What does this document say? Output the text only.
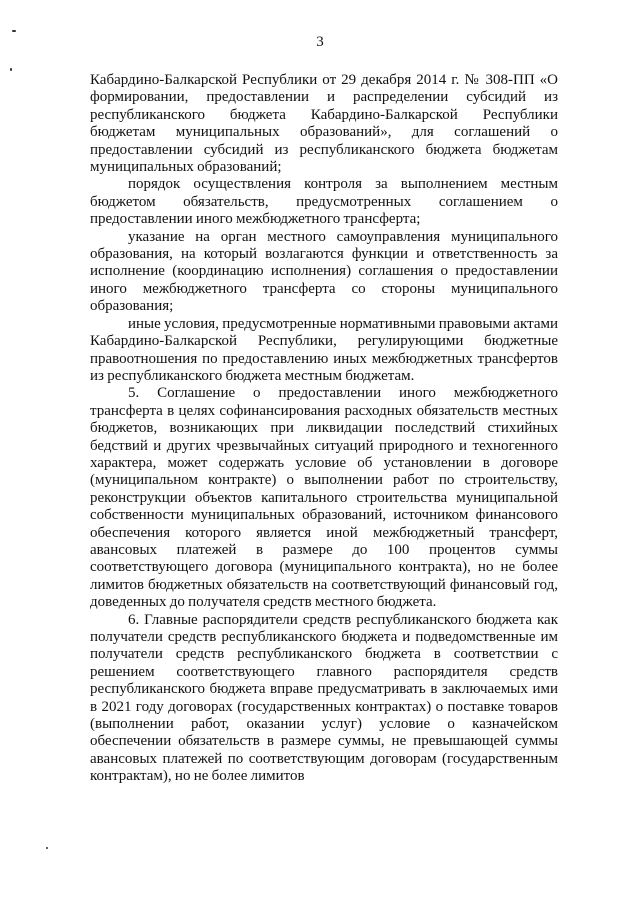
3

Кабардино-Балкарской Республики от 29 декабря 2014 г. № 308-ПП «О формировании, предоставлении и распределении субсидий из республиканского бюджета Кабардино-Балкарской Республики бюджетам муниципальных образований», для соглашений о предоставлении субсидий из республиканского бюджета бюджетам муниципальных образований;

порядок осуществления контроля за выполнением местным бюджетом обязательств, предусмотренных соглашением о предоставлении иного межбюджетного трансферта;

указание на орган местного самоуправления муниципального образования, на который возлагаются функции и ответственность за исполнение (координацию исполнения) соглашения о предоставлении иного межбюджетного трансферта со стороны муниципального образования;

иные условия, предусмотренные нормативными правовыми актами Кабардино-Балкарской Республики, регулирующими бюджетные правоотношения по предоставлению иных межбюджетных трансфертов из республиканского бюджета местным бюджетам.

5. Соглашение о предоставлении иного межбюджетного трансферта в целях софинансирования расходных обязательств местных бюджетов, возникающих при ликвидации последствий стихийных бедствий и других чрезвычайных ситуаций природного и техногенного характера, может содержать условие об установлении в договоре (муниципальном контракте) о выполнении работ по строительству, реконструкции объектов капитального строительства муниципальной собственности муниципальных образований, источником финансового обеспечения которого является иной межбюджетный трансферт, авансовых платежей в размере до 100 процентов суммы соответствующего договора (муниципального контракта), но не более лимитов бюджетных обязательств на соответствующий финансовый год, доведенных до получателя средств местного бюджета.

6. Главные распорядители средств республиканского бюджета как получатели средств республиканского бюджета и подведомственные им получатели средств республиканского бюджета в соответствии с решением соответствующего главного распорядителя средств республиканского бюджета вправе предусматривать в заключаемых ими в 2021 году договорах (государственных контрактах) о поставке товаров (выполнении работ, оказании услуг) условие о казначейском обеспечении обязательств в размере суммы, не превышающей суммы авансовых платежей по соответствующим договорам (государственным контрактам), но не более лимитов
